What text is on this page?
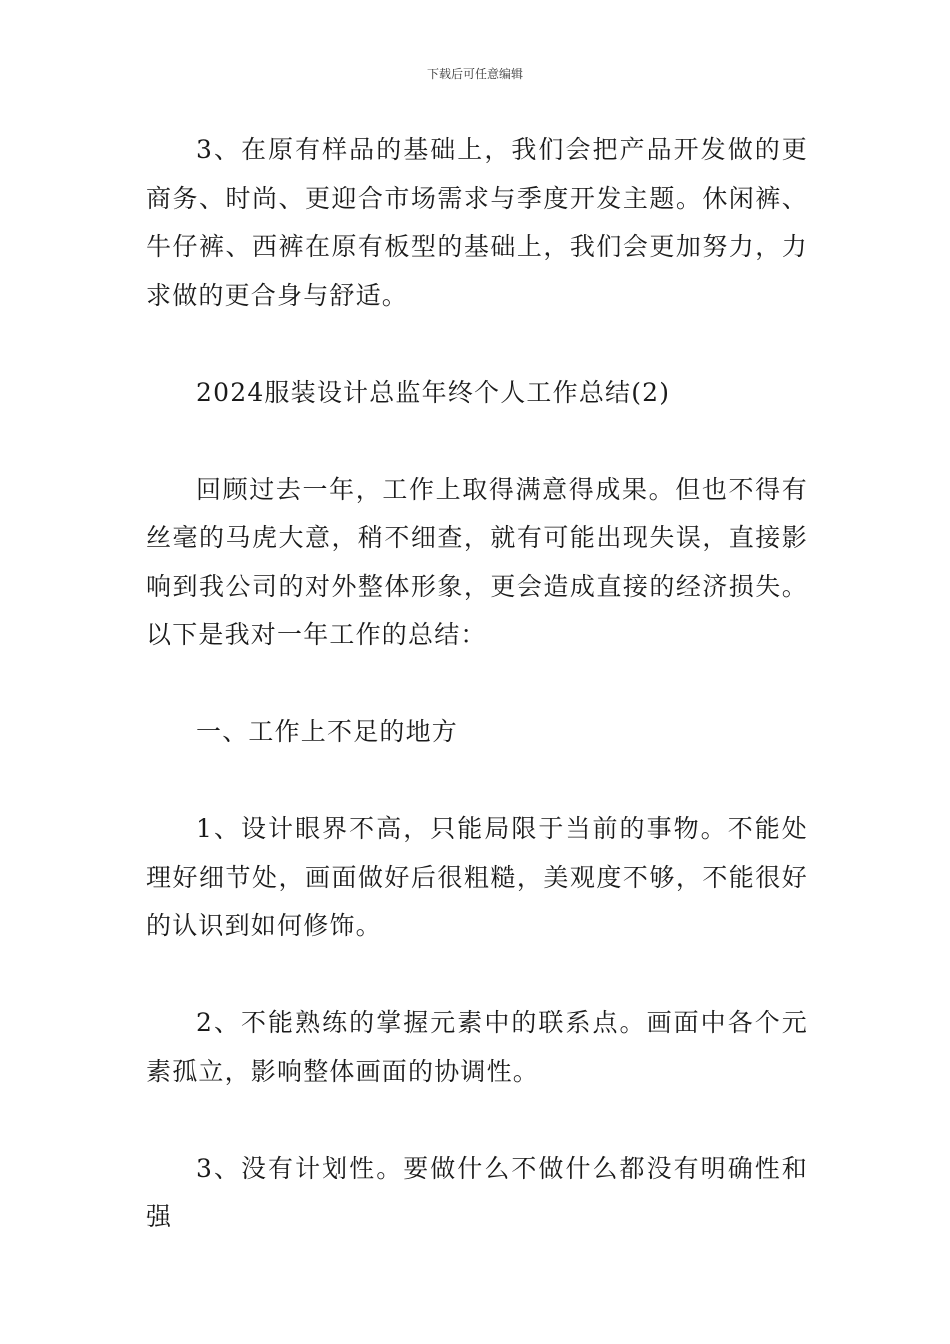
下载后可任意编辑

3、在原有样品的基础上，我们会把产品开发做的更商务、时尚、更迎合市场需求与季度开发主题。休闲裤、牛仔裤、西裤在原有板型的基础上，我们会更加努力，力求做的更合身与舒适。

2024服装设计总监年终个人工作总结(2)

回顾过去一年，工作上取得满意得成果。但也不得有丝毫的马虎大意，稍不细查，就有可能出现失误，直接影响到我公司的对外整体形象，更会造成直接的经济损失。以下是我对一年工作的总结：

一、工作上不足的地方

1、设计眼界不高，只能局限于当前的事物。不能处理好细节处，画面做好后很粗糙，美观度不够，不能很好的认识到如何修饰。

2、不能熟练的掌握元素中的联系点。画面中各个元素孤立，影响整体画面的协调性。

3、没有计划性。要做什么不做什么都没有明确性和强
